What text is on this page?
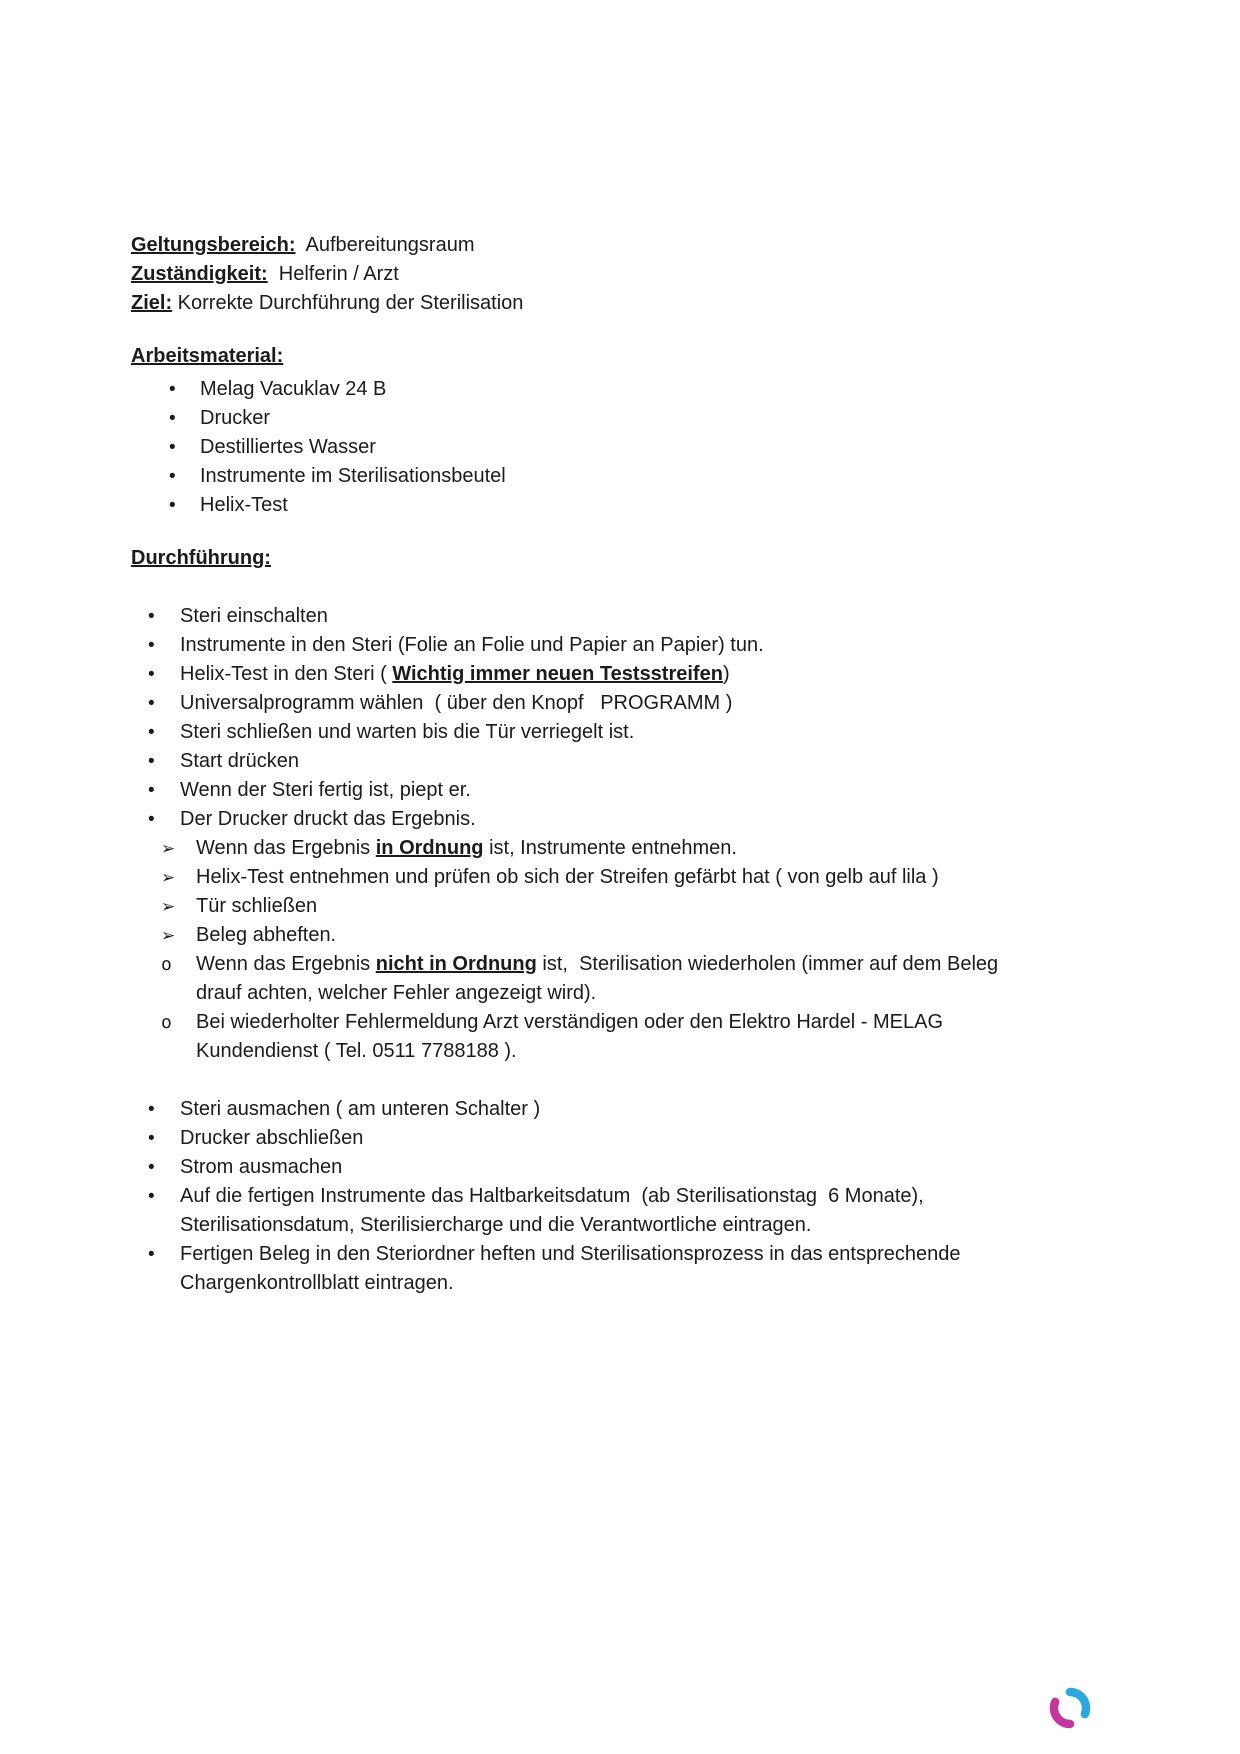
Geltungsbereich:  Aufbereitungsraum

Zuständigkeit:  Helferin / Arzt

Ziel: Korrekte Durchführung der Sterilisation

Arbeitsmaterial:

•	Melag Vacuklav 24 B
•	Drucker
•	Destilliertes Wasser
•	Instrumente im Sterilisationsbeutel
•	Helix-Test

Durchführung:

•	Steri einschalten
•	Instrumente in den Steri (Folie an Folie und Papier an Papier) tun.
•	Helix-Test in den Steri ( Wichtig immer neuen Testsstreifen)
•	Universalprogramm wählen  ( über den Knopf   PROGRAMM )
•	Steri schließen und warten bis die Tür verriegelt ist.
•	Start drücken
•	Wenn der Steri fertig ist, piept er.
•	Der Drucker druckt das Ergebnis.
➢	Wenn das Ergebnis in Ordnung ist, Instrumente entnehmen.
➢	Helix-Test entnehmen und prüfen ob sich der Streifen gefärbt hat ( von gelb auf lila )
➢	Tür schließen
➢	Beleg abheften.
o	Wenn das Ergebnis nicht in Ordnung ist,  Sterilisation wiederholen (immer auf dem Beleg drauf achten, welcher Fehler angezeigt wird).
o	Bei wiederholter Fehlermeldung Arzt verständigen oder den Elektro Hardel - MELAG Kundendienst ( Tel. 0511 7788188 ).
•	Steri ausmachen ( am unteren Schalter )
•	Drucker abschließen
•	Strom ausmachen
•	Auf die fertigen Instrumente das Haltbarkeitsdatum  (ab Sterilisationstag  6 Monate), Sterilisationsdatum, Sterilisiercharge und die Verantwortliche eintragen.
•	Fertigen Beleg in den Steriordner heften und Sterilisationsprozess in das entsprechende Chargenkontrollblatt eintragen.
